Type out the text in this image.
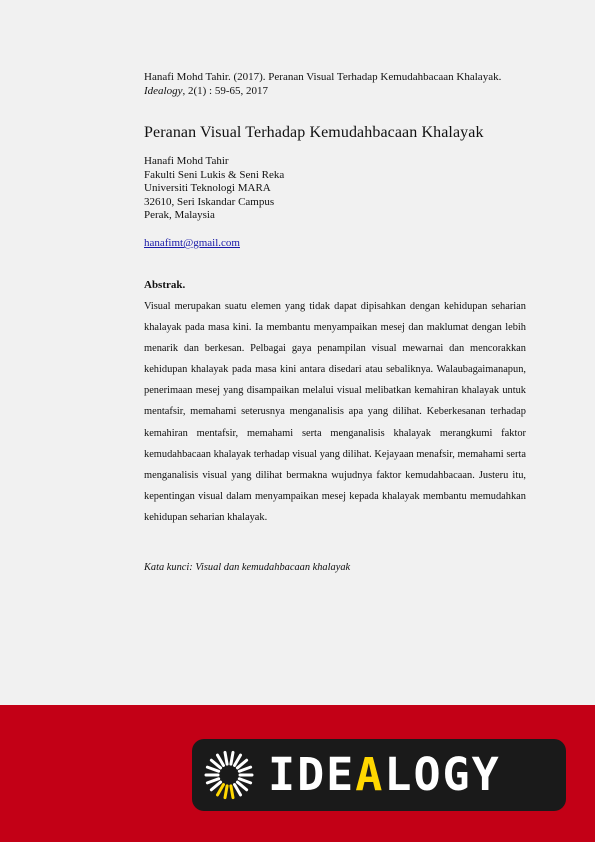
Hanafi Mohd Tahir. (2017). Peranan Visual Terhadap Kemudahbacaan Khalayak.
Idealogy, 2(1) : 59-65, 2017
Peranan Visual Terhadap Kemudahbacaan Khalayak
Hanafi Mohd Tahir
Fakulti Seni Lukis & Seni Reka
Universiti Teknologi MARA
32610, Seri Iskandar Campus
Perak, Malaysia
hanafimt@gmail.com
Abstrak.

Visual merupakan suatu elemen yang tidak dapat dipisahkan dengan kehidupan seharian khalayak pada masa kini. Ia membantu menyampaikan mesej dan maklumat dengan lebih menarik dan berkesan. Pelbagai gaya penampilan visual mewarnai dan mencorakkan kehidupan khalayak pada masa kini antara disedari atau sebaliknya. Walaubagaimanapun, penerimaan mesej yang disampaikan melalui visual melibatkan kemahiran khalayak untuk mentafsir, memahami seterusnya menganalisis apa yang dilihat. Keberkesanan terhadap kemahiran mentafsir, memahami serta menganalisis khalayak merangkumi faktor kemudahbacaan khalayak terhadap visual yang dilihat. Kejayaan menafsir, memahami serta menganalisis visual yang dilihat bermakna wujudnya faktor kemudahbacaan. Justeru itu, kepentingan visual dalam menyampaikan mesej kepada khalayak membantu memudahkan kehidupan seharian khalayak.

Kata kunci: Visual dan kemudahbacaan khalayak
IDEALOGY
